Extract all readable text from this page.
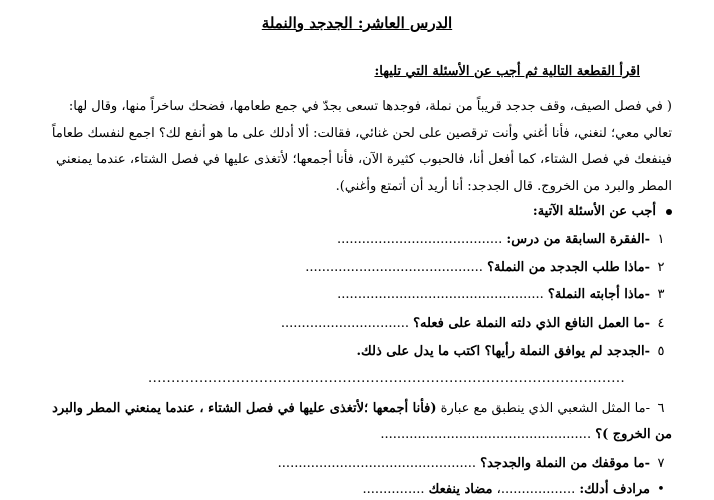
الدرس العاشر: الجدجد والنملة
اقرأ القطعة التالية ثم أجب عن الأسئلة التي تليها:

( في فصل الصيف، وقف جدجد قريباً من نملة، فوجدها تسعى بجدّ في جمع طعامها، فضحك ساخراً منها، وقال لها:

تعالي معي؛ لنغني، فأنا أغني وأنت ترقصين على لحن غنائي، فقالت: ألا أدلك على ما هو أنفع لك؟ اجمع لنفسك طعاماً

فينفعك في فصل الشتاء، كما أفعل أنا، فالحبوب كثيرة الآن، فأنا أجمعها؛ لأتغذى عليها في فصل الشتاء، عندما يمنعني

المطر والبرد من الخروج. قال الجدجد: أنا أريد أن أتمتع وأغني).

أجب عن الأسئلة الآتية:
١-الفقرة السابقة من درس: ........................................
٢-ماذا طلب الجدجد من النملة؟ ...........................................
٣-ماذا أجابته النملة؟ ..................................................
٤-ما العمل النافع الذي دلته النملة على فعله؟ ...............................
٥-الجدجد لم يوافق النملة رأيها؟ اكتب ما يدل على ذلك.
.......................................................................................................
٦-ما المثل الشعبي الذي ينطبق مع عبارة (فأنا أجمعها ؛لأتغذى عليها في فصل الشتاء ، عندما يمنعني المطر والبرد من الخروج )؟ ...................................................
٧-ما موقفك من النملة والجدجد؟ ................................................
•مرادف أدلك: ..................، مضاد ينفعك ...............
